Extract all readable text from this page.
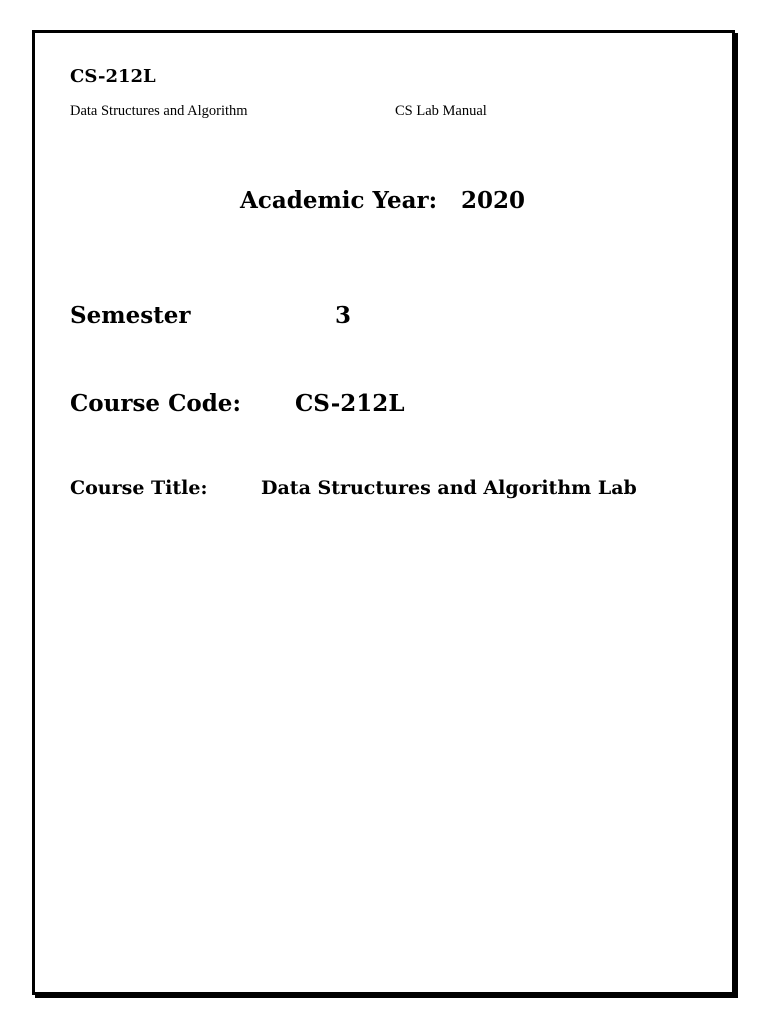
CS-212L
Data Structures and Algorithm	CS Lab Manual
Academic Year: 2020
Semester	3
Course Code: CS-212L
Course Title:	Data Structures and Algorithm Lab
